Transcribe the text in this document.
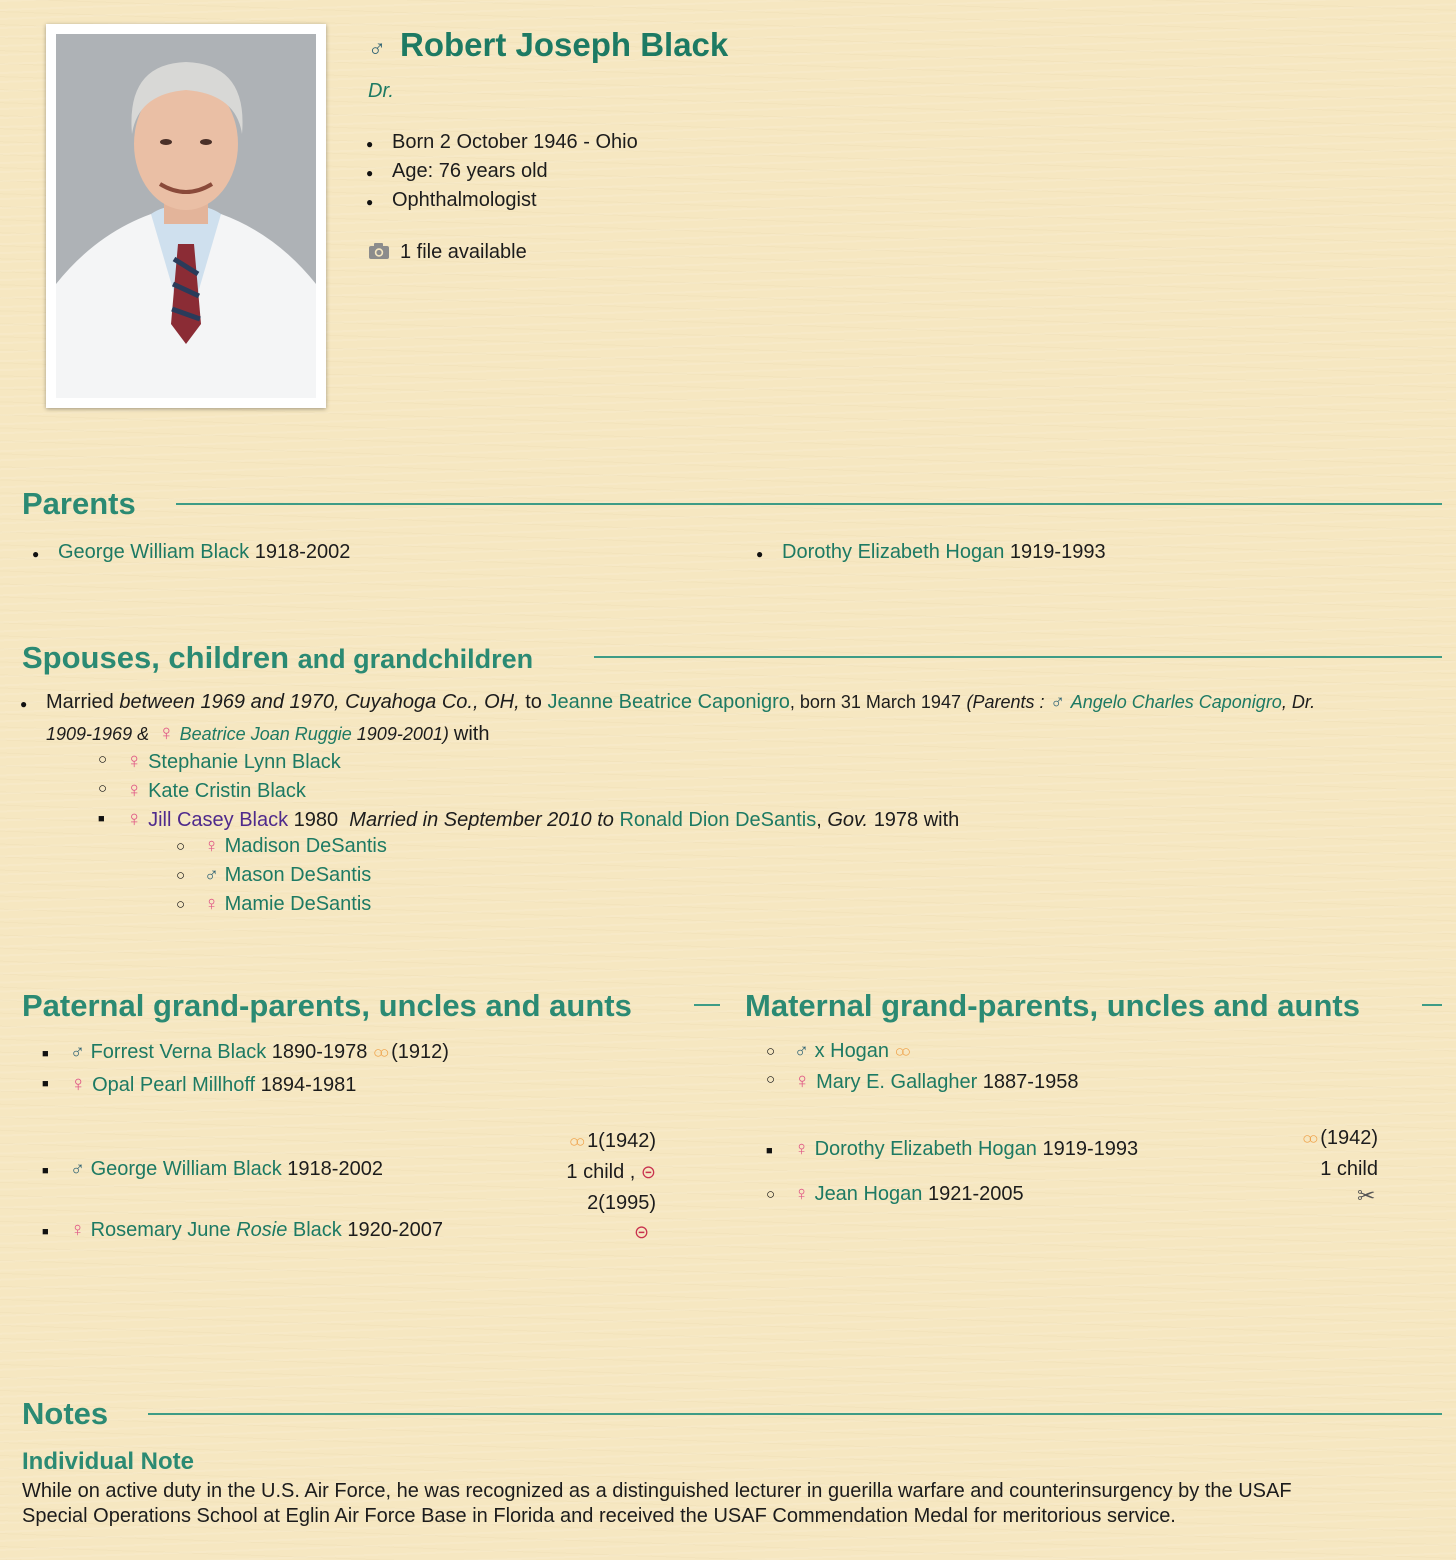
♂ Robert Joseph Black
Dr.
● Born 2 October 1946 - Ohio
● Age: 76 years old
● Ophthalmologist
1 file available
Parents
● George William Black 1918-2002
●	Dorothy Elizabeth Hogan 1919-1993
Spouses, children and grandchildren
● Married between 1969 and 1970, Cuyahoga Co., OH, to Jeanne Beatrice Caponigro, born 31 March 1947 (Parents : ♂ Angelo Charles Caponigro, Dr.
1909-1969 & ♀ Beatrice Joan Ruggie 1909-2001) with
○ ♀ Stephanie Lynn Black
○ ♀ Kate Cristin Black
■ ♀ Jill Casey Black 1980 Married in September 2010 to Ronald Dion DeSantis, Gov. 1978 with
○ ♀ Madison DeSantis
○ ♂ Mason DeSantis
○ ♀ Mamie DeSantis
Paternal grand-parents, uncles and aunts
■ ♂ Forrest Verna Black 1890-1978 ○○ (1912)
■ ♀ Opal Pearl Millhoff 1894-1981
■ ♂ George William Black 1918-2002
○○ 1(1942)
1 child , ⊝
2(1995)
■ ♀ Rosemary June Rosie Black 1920-2007	⊝
Maternal grand-parents, uncles and aunts
○ ♂ x Hogan ○○
○ ♀ Mary E. Gallagher 1887-1958
■ ♀ Dorothy Elizabeth Hogan 1919-1993	○○ (1942)
1 child
○ ♀ Jean Hogan 1921-2005	✂
Notes
Individual Note
While on active duty in the U.S. Air Force, he was recognized as a distinguished lecturer in guerilla warfare and counterinsurgency by the USAF
Special Operations School at Eglin Air Force Base in Florida and received the USAF Commendation Medal for meritorious service.
